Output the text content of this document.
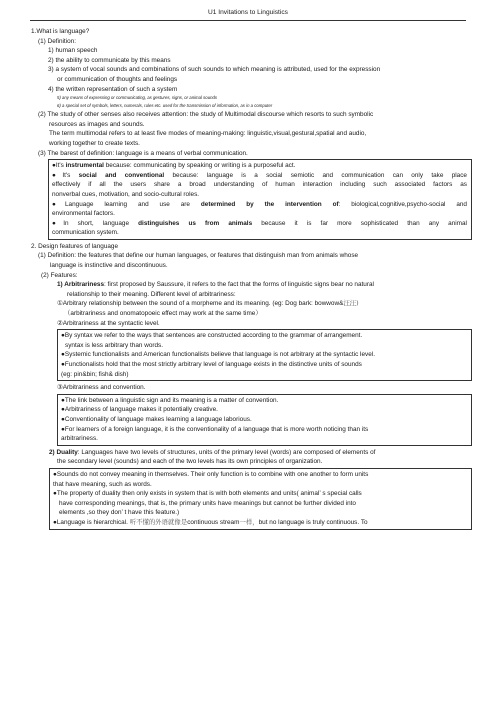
U1 Invitations to Linguistics
1.What is language?
(1) Definition:
1) human speech
2) the ability to communicate by this means
3) a system of vocal sounds and combinations of such sounds to which meaning is attributed, used for the expression
or communication of thoughts and feelings
4) the written representation of such a system
5) any means of expressing or communicating, as gestures, signs, or animal sounds
6) a special set of symbols, letters, numerals, rules etc. used for the transmission of information, as in a computer
(2) The study of other senses also receives attention: the study of Multimodal discourse which resorts to such symbolic
resources as images and sounds.
The term multimodal refers to at least five modes of meaning-making: linguistic,visual,gestural,spatial and audio,
working together to create texts.
(3) The barest of definition: language is a means of verbal communication.
●It's instrumental because: communicating by speaking or writing is a purposeful act.
●It's social and conventional because: language is a social semiotic and communication can only take place
effectively if all the users share a broad understanding of human interaction including such associated factors as
nonverbal cues, motivation, and socio-cultural roles.
●Language learning and use are determined by the intervention of: biological,cognitive,psycho-social and
environmental factors.
●In short, language distinguishes us from animals because it is far more sophisticated than any animal
communication system.
2. Design features of language
(1) Definition: the features that define our human languages, or features that distinguish man from animals whose
language is instinctive and discontinuous.
(2) Features:
1) Arbitrariness: first proposed by Saussure, it refers to the fact that the forms of linguistic signs bear no natural
relationship to their meaning. Different level of arbitrariness:
①Arbitrary relationship between the sound of a morpheme and its meaning. (eg: Dog bark: bowwow&汪汪)
（arbitrariness and onomatopoeic effect may work at the same time）
②Arbitrariness at the syntactic level.
●By syntax we refer to the ways that sentences are constructed according to the grammar of arrangement.
syntax is less arbitrary than words.
●Systemic functionalists and American functionalists believe that language is not arbitrary at the syntactic level.
●Functionalists hold that the most strictly arbitrary level of language exists in the distinctive units of sounds
(eg: pin&bin; fish& dish)
③Arbitrariness and convention.
●The link between a linguistic sign and its meaning is a matter of convention.
●Arbitrariness of language makes it potentially creative.
●Conventionality of language makes learning a language laborious.
●For learners of a foreign language, it is the conventionality of a language that is more worth noticing than its
arbitrariness.
2) Duality: Languages have two levels of structures, units of the primary level (words) are composed of elements of
the secondary level (sounds) and each of the two levels has its own principles of organization.
●Sounds do not convey meaning in themselves. Their only function is to combine with one another to form units
that have meaning, such as words.
●The property of duality then only exists in system that is with both elements and units( animal’ s special calls
have corresponding meanings, that is, the primary units have meanings but cannot be further divided into
elements ,so they don’ t have this feature.)
●Language is hierarchical. 听不懂的外语就像是continuous stream一样，but no language is truly continuous. To
